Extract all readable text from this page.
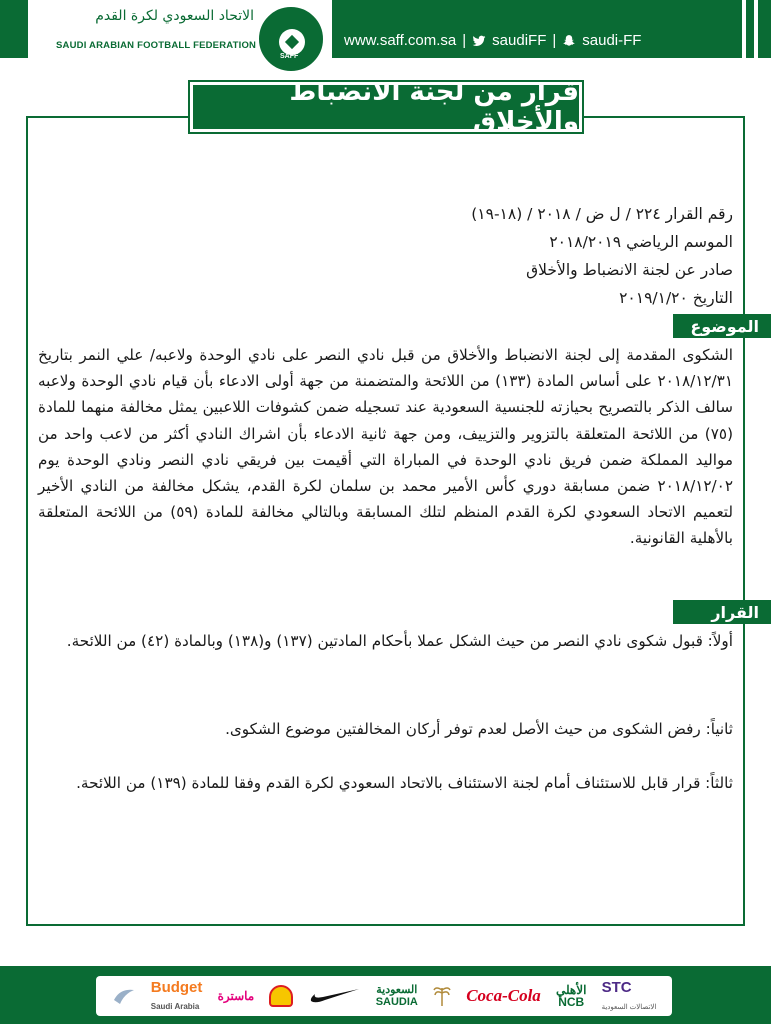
الاتحاد السعودي لكرة القدم
SAUDI ARABIAN FOOTBALL FEDERATION	www.saff.com.sa | saudiFF | saudi-FF
SAFF
قرار من لجنة الانضباط والأخلاق
رقم القرار ٢٢٤ / ل ض / ٢٠١٨ / (١٨-١٩)
الموسم الرياضي ٢٠١٨/٢٠١٩
صادر عن لجنة الانضباط والأخلاق
التاريخ ٢٠١٩/١/٢٠
الموضوع
الشكوى المقدمة إلى لجنة الانضباط والأخلاق من قبل نادي النصر على نادي الوحدة ولاعبه/ علي النمر بتاريخ ٢٠١٨/١٢/٣١ على أساس المادة (١٣٣) من اللائحة والمتضمنة من جهة أولى الادعاء بأن قيام نادي الوحدة ولاعبه سالف الذكر بالتصريح بحيازته للجنسية السعودية عند تسجيله ضمن كشوفات اللاعبين يمثل مخالفة منهما للمادة (٧٥) من اللائحة المتعلقة بالتزوير والتزييف، ومن جهة ثانية الادعاء بأن اشراك النادي أكثر من لاعب واحد من مواليد المملكة ضمن فريق نادي الوحدة في المباراة التي أقيمت بين فريقي نادي النصر ونادي الوحدة يوم ٢٠١٨/١٢/٠٢ ضمن مسابقة دوري كأس الأمير محمد بن سلمان لكرة القدم، يشكل مخالفة من النادي الأخير لتعميم الاتحاد السعودي لكرة القدم المنظم لتلك المسابقة وبالتالي مخالفة للمادة (٥٩) من اللائحة المتعلقة بالأهلية القانونية.
القرار
أولاً: قبول شكوى نادي النصر من حيث الشكل عملا بأحكام المادتين (١٣٧) و(١٣٨) وبالمادة (٤٢) من اللائحة.
ثانياً: رفض الشكوى من حيث الأصل لعدم توفر أركان المخالفتين موضوع الشكوى.
ثالثاً: قرار قابل للاستئناف أمام لجنة الاستئناف بالاتحاد السعودي لكرة القدم وفقا للمادة (١٣٩) من اللائحة.
Budget
Saudi Arabia
ماسترة	السعودية
SAUDIA	Coca-Cola الأهلي
NCB
STC
الاتصالات السعودية
